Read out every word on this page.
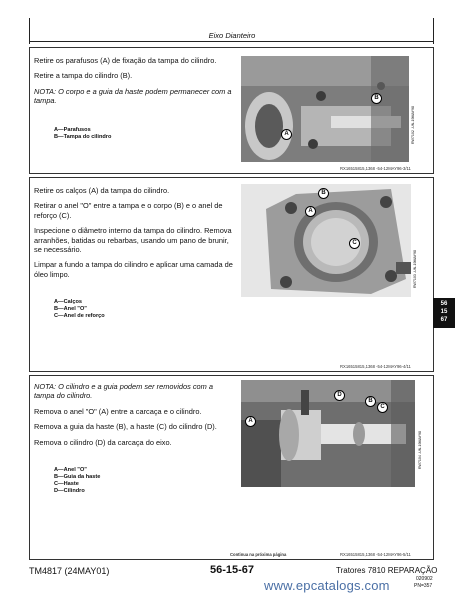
Eixo Dianteiro

Retire os parafusos (A) de fixação da tampa do cilindro.

Retire a tampa do cilindro (B).

NOTA: O corpo e a guia da haste podem permanecer com a tampa.

A—Parafusos
B—Tampa do cilindro	A
B
RW7102 -UN-19MAY98
RX16515815,1368 -54-12MAY96-3/11

Retire os calços (A) da tampa do cilindro.

Retirar o anel "O" entre a tampa e o corpo (B) e o anel de reforço (C).

Inspecione o diâmetro interno da tampa do cilindro. Remova arranhões, batidas ou rebarbas, usando um pano de brunir, se necessário.

Limpar a fundo a tampa do cilindro e aplicar uma camada de óleo limpo.

A—Calços
B—Anel "O"
C—Anel de reforço
A
B
C
RW7103 -UN-19MAY98
RX16515815,1368 -54-12MAY96-4/11
56
15
67

NOTA: O cilindro e a guia podem ser removidos com a tampa do cilindro.

Remova o anel "O" (A) entre a carcaça e o cilindro.

Remova a guia da haste (B), a haste (C) do cilindro (D).

Remova o cilindro (D) da carcaça do eixo.

A—Anel "O"
B—Guia da haste
C—Haste
D—Cilindro
A
B
C
D
RW7104 -UN-19MAY98
Continua na próxima página	RX16515815,1368 -54-12MAY96-5/11
TM4817 (24MAY01)	56-15-67	Tratores 7810 REPARAÇÃO
020902
PN=357
www.epcatalogs.com
